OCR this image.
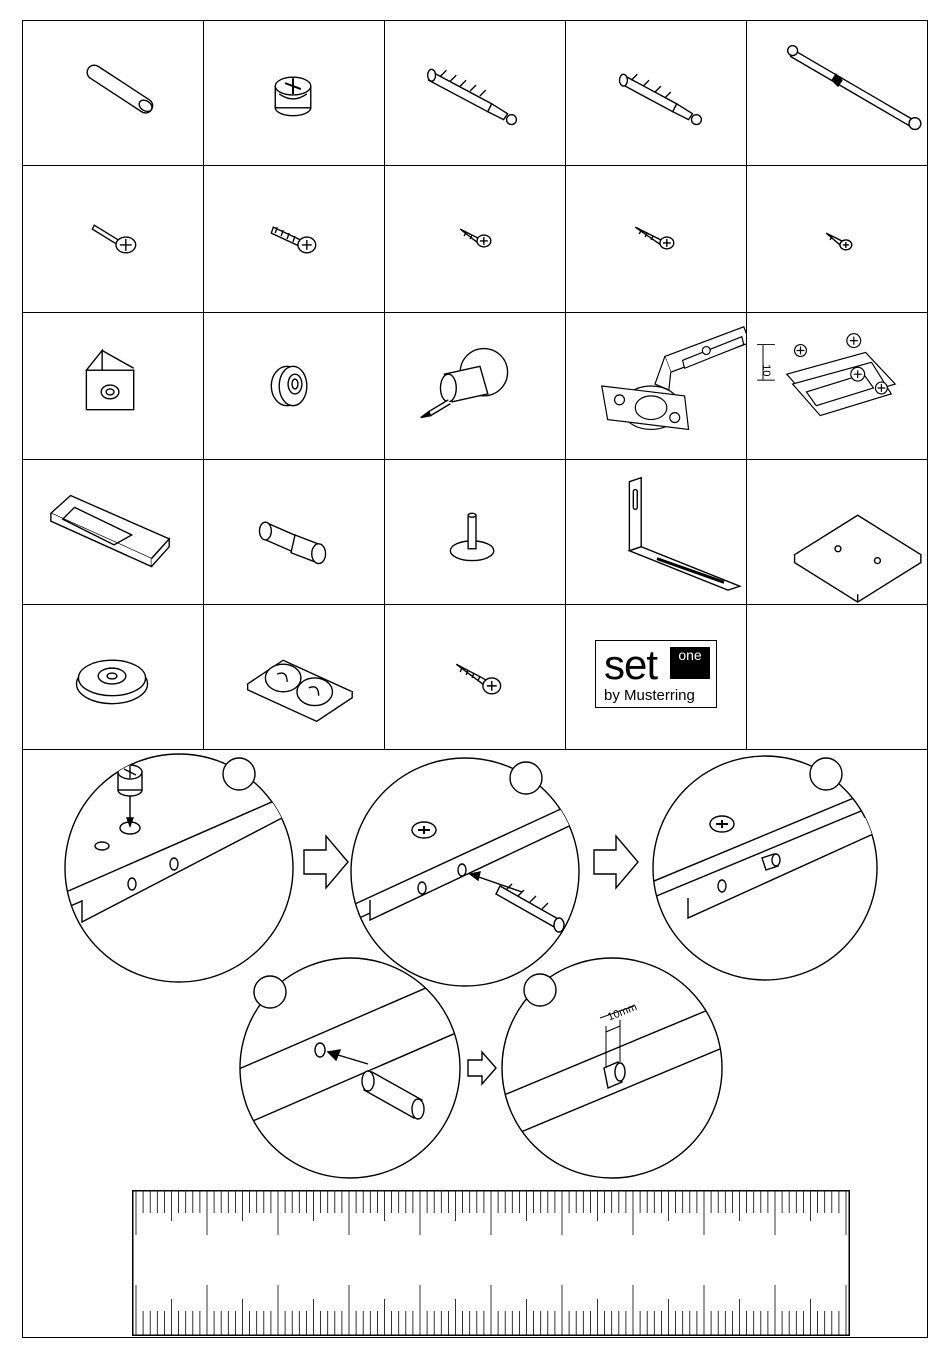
10
set	one
by Musterring
10mm
